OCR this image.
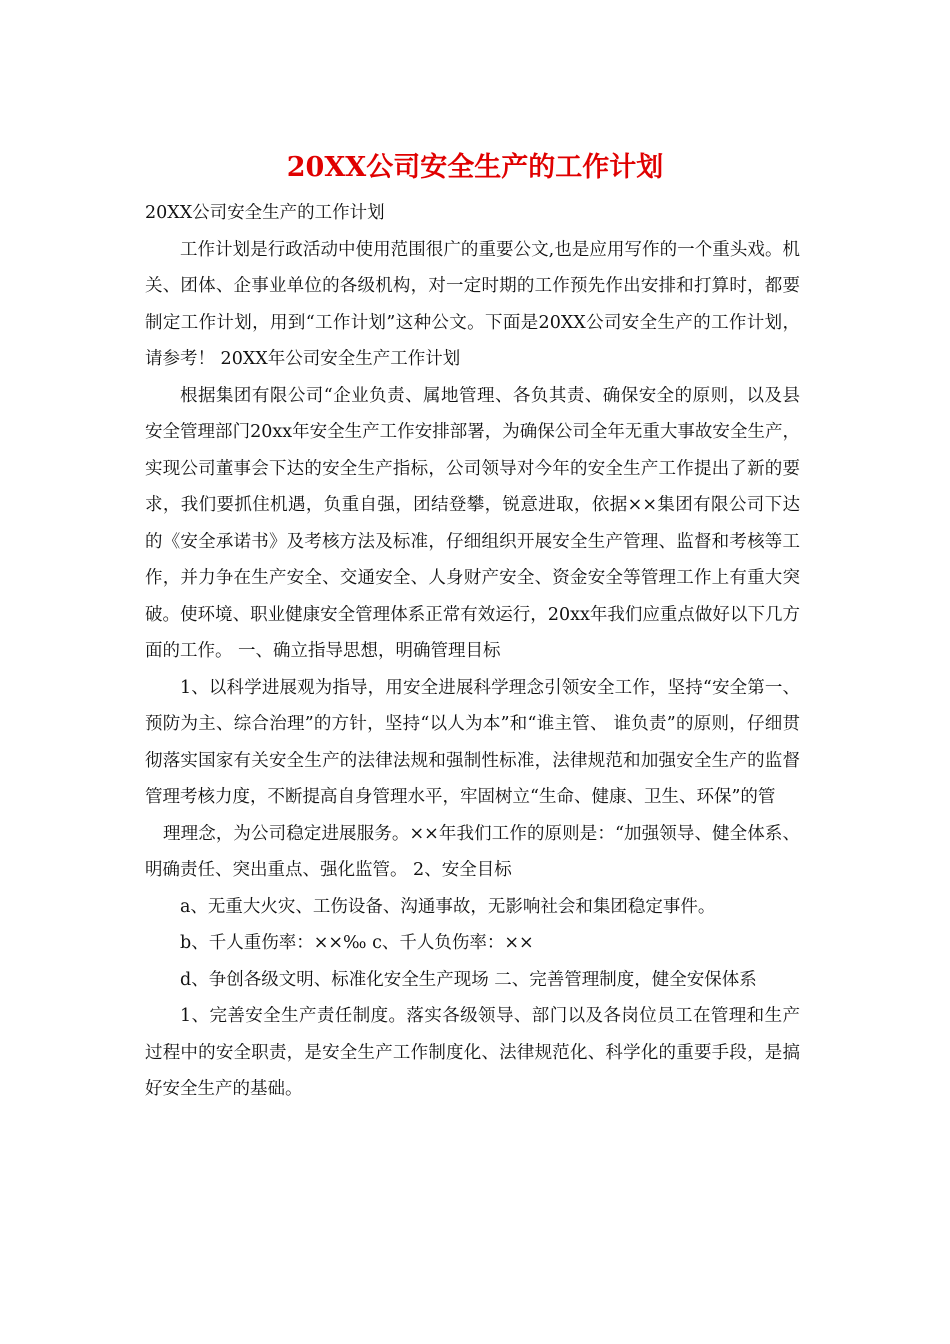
20XX公司安全生产的工作计划

20XX公司安全生产的工作计划

工作计划是行政活动中使用范围很广的重要公文,也是应用写作的一个重头戏。机关、团体、企事业单位的各级机构，对一定时期的工作预先作出安排和打算时，都要制定工作计划，用到“工作计划”这种公文。下面是20XX公司安全生产的工作计划，请参考！ 20XX年公司安全生产工作计划

根据集团有限公司“企业负责、属地管理、各负其责、确保安全的原则，以及县安全管理部门20xx年安全生产工作安排部署，为确保公司全年无重大事故安全生产，实现公司董事会下达的安全生产指标，公司领导对今年的安全生产工作提出了新的要求，我们要抓住机遇，负重自强，团结登攀，锐意进取，依据××集团有限公司下达的《安全承诺书》及考核方法及标准，仔细组织开展安全生产管理、监督和考核等工作，并力争在生产安全、交通安全、人身财产安全、资金安全等管理工作上有重大突破。使环境、职业健康安全管理体系正常有效运行，20xx年我们应重点做好以下几方面的工作。 一、确立指导思想，明确管理目标

1、以科学进展观为指导，用安全进展科学理念引领安全工作，坚持“安全第一、预防为主、综合治理”的方针，坚持“以人为本”和“谁主管、 谁负责”的原则，仔细贯彻落实国家有关安全生产的法律法规和强制性标准，法律规范和加强安全生产的监督管理考核力度，不断提高自身管理水平，牢固树立“生命、健康、卫生、环保”的管

理理念，为公司稳定进展服务。××年我们工作的原则是：“加强领导、健全体系、明确责任、突出重点、强化监管。 2、安全目标

a、无重大火灾、工伤设备、沟通事故，无影响社会和集团稳定事件。

b、千人重伤率：××‰ c、千人负伤率：××

d、争创各级文明、标准化安全生产现场 二、完善管理制度，健全安保体系

1、完善安全生产责任制度。落实各级领导、部门以及各岗位员工在管理和生产过程中的安全职责，是安全生产工作制度化、法律规范化、科学化的重要手段，是搞好安全生产的基础。
